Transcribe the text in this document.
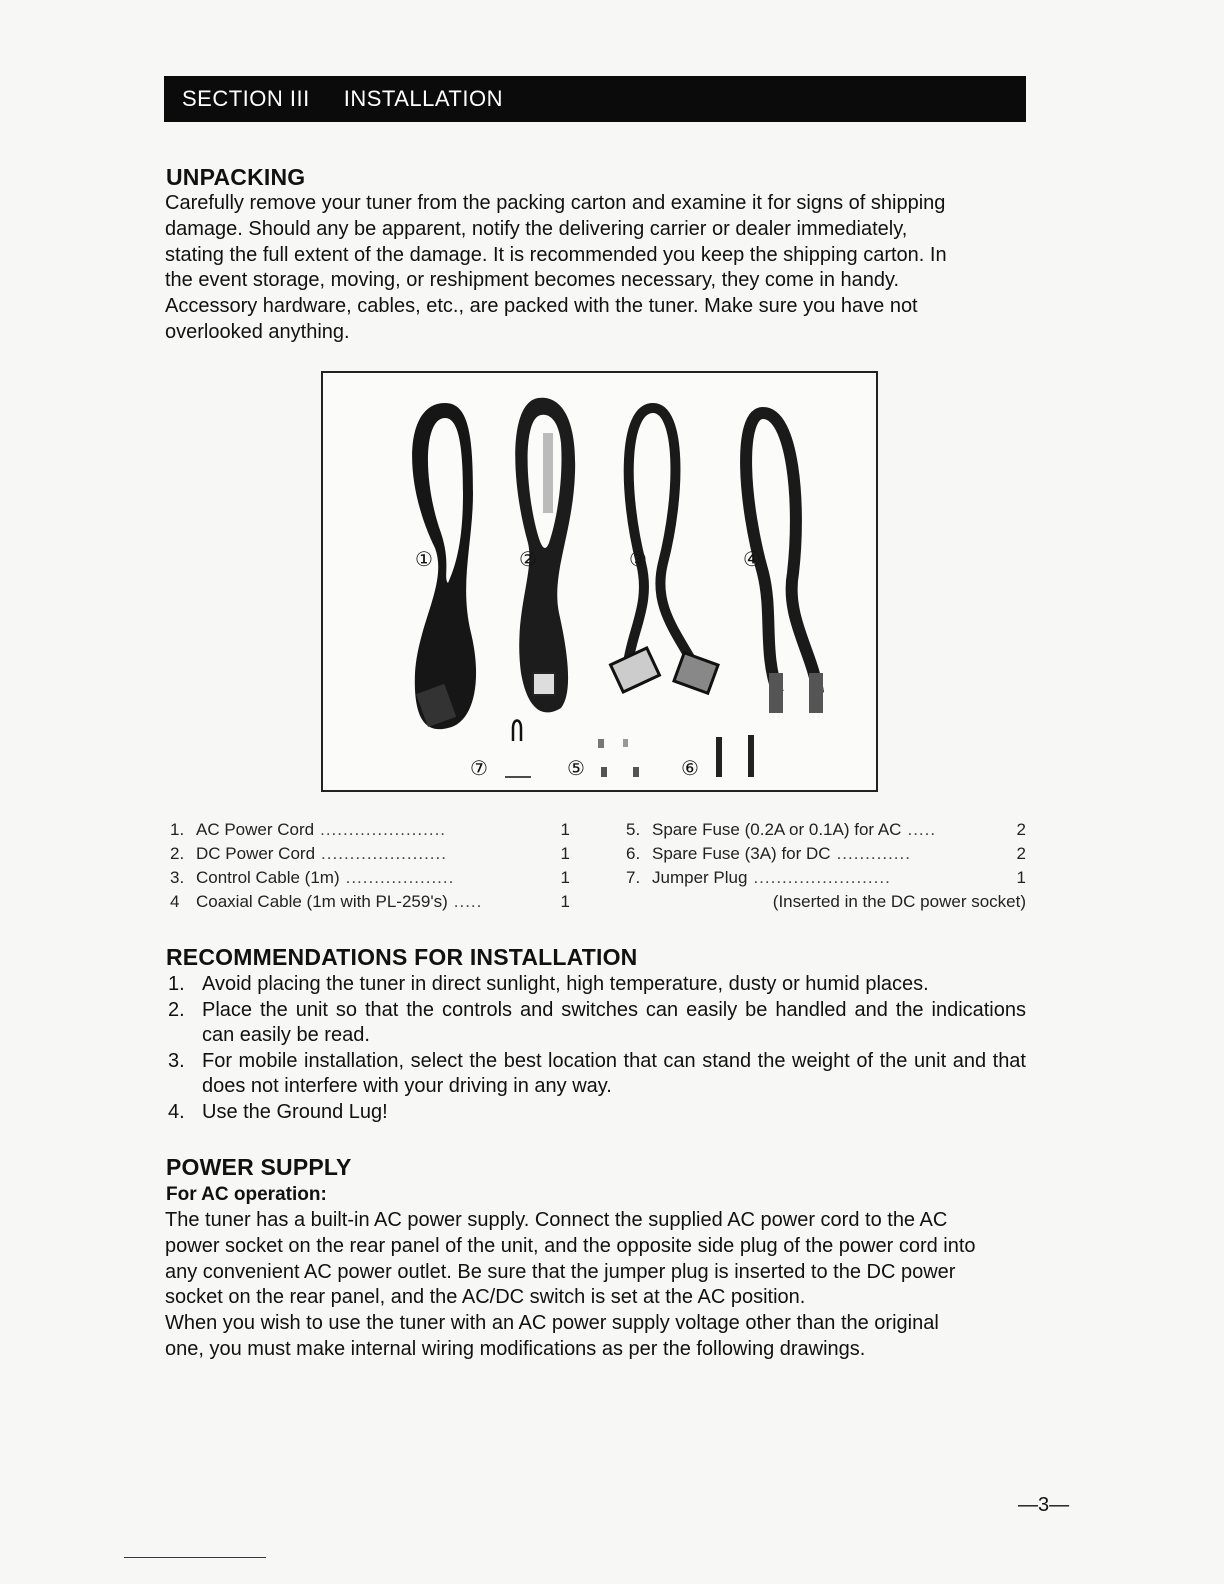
SECTION III INSTALLATION
UNPACKING
Carefully remove your tuner from the packing carton and examine it for signs of shipping
damage. Should any be apparent, notify the delivering carrier or dealer immediately,
stating the full extent of the damage. It is recommended you keep the shipping carton. In
the event storage, moving, or reshipment becomes necessary, they come in handy.
Accessory hardware, cables, etc., are packed with the tuner. Make sure you have not
overlooked anything.
①	②	③	④
⑤	⑥
⑦
1. AC Power Cord ......................	1
2. DC Power Cord ......................	1
3. Control Cable (1m) ...................	1
4 Coaxial Cable (1m with PL-259's) .....	1
5. Spare Fuse (0.2A or 0.1A) for AC .....	2
6. Spare Fuse (3A) for DC .............	2
7. Jumper Plug ........................	1
(Inserted in the DC power socket)
RECOMMENDATIONS FOR INSTALLATION
1. Avoid placing the tuner in direct sunlight, high temperature, dusty or humid places.
2. Place the unit so that the controls and switches can easily be handled and the indications can easily be read.
3. For mobile installation, select the best location that can stand the weight of the unit and that does not interfere with your driving in any way.
4. Use the Ground Lug!
POWER SUPPLY
For AC operation:
The tuner has a built-in AC power supply. Connect the supplied AC power cord to the AC
power socket on the rear panel of the unit, and the opposite side plug of the power cord into
any convenient AC power outlet. Be sure that the jumper plug is inserted to the DC power
socket on the rear panel, and the AC/DC switch is set at the AC position.
When you wish to use the tuner with an AC power supply voltage other than the original
one, you must make internal wiring modifications as per the following drawings.
—3—
